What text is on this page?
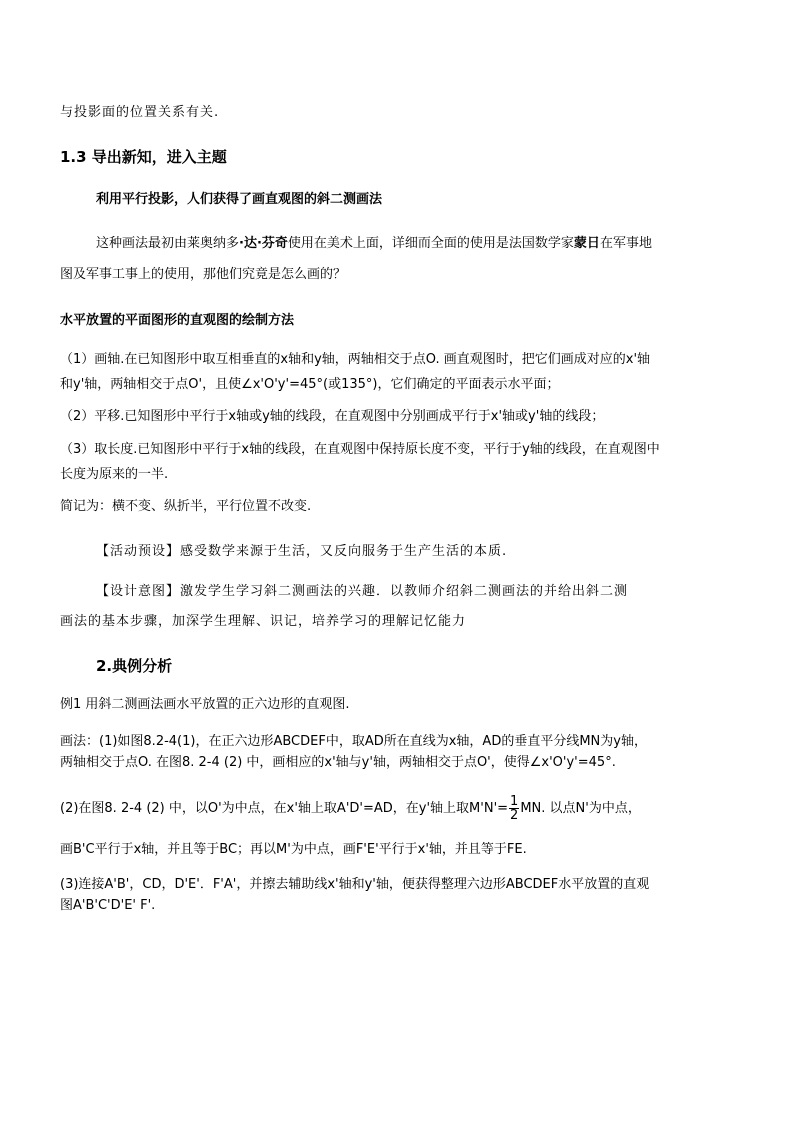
与投影面的位置关系有关.
1.3 导出新知，进入主题
利用平行投影，人们获得了画直观图的斜二测画法
这种画法最初由莱奥纳多·达·芬奇使用在美术上面，详细而全面的使用是法国数学家蒙日在军事地
图及军事工事上的使用，那他们究竟是怎么画的？
水平放置的平面图形的直观图的绘制方法
（1）画轴.在已知图形中取互相垂直的x轴和y轴，两轴相交于点O. 画直观图时，把它们画成对应的x'轴
和y'轴，两轴相交于点O'，且使∠x'O'y'=45°(或135°)，它们确定的平面表示水平面；
（2）平移.已知图形中平行于x轴或y轴的线段，在直观图中分别画成平行于x'轴或y'轴的线段；
（3）取长度.已知图形中平行于x轴的线段，在直观图中保持原长度不变，平行于y轴的线段，在直观图中
长度为原来的一半.
简记为：横不变、纵折半，平行位置不改变.
【活动预设】感受数学来源于生活，又反向服务于生产生活的本质.
【设计意图】激发学生学习斜二测画法的兴趣．以教师介绍斜二测画法的并给出斜二测
画法的基本步骤，加深学生理解、识记，培养学习的理解记忆能力
2.典例分析
例1 用斜二测画法画水平放置的正六边形的直观图.
画法：(1)如图8.2-4(1)，在正六边形ABCDEF中，取AD所在直线为x轴，AD的垂直平分线MN为y轴，
两轴相交于点O. 在图8. 2-4 (2) 中，画相应的x'轴与y'轴，两轴相交于点O'，使得∠x'O'y'=45°.
(2)在图8. 2-4 (2) 中，以O'为中点，在x'轴上取A'D'=AD，在y'轴上取$M'N'= \frac{1}{2}$ MN. 以点N'为中点，
画B'C平行于x轴，并且等于BC；再以M'为中点，画F'E'平行于x'轴，并且等于FE.
(3)连接A'B'，CD，D'E'．F'A'，并擦去辅助线x'轴和y'轴，便获得整理六边形ABCDEF水平放置的直观
图A'B'C'D'E' F'.
